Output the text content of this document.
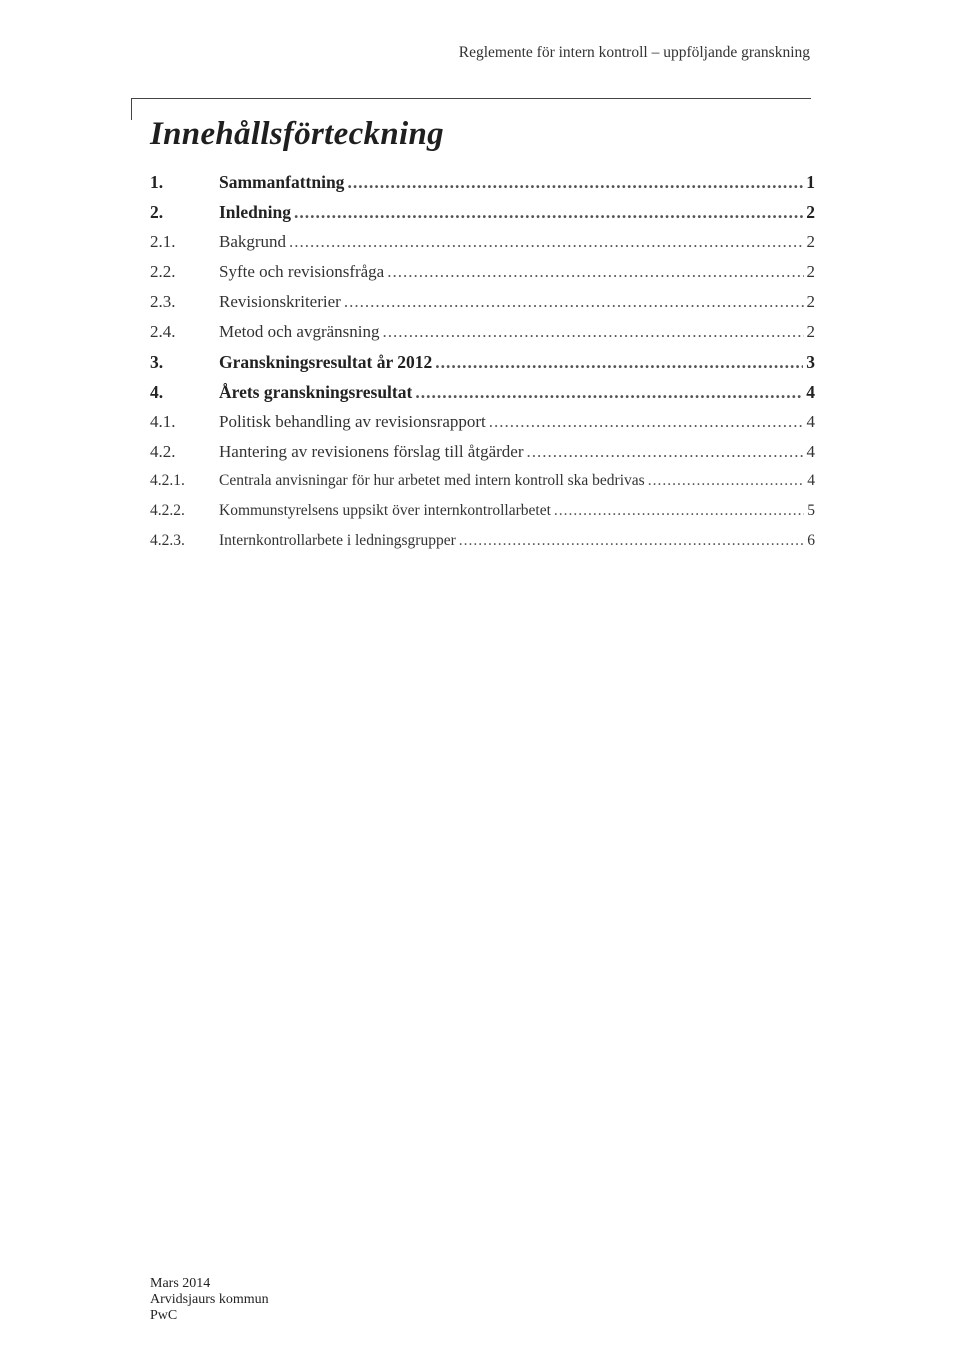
Reglemente för intern kontroll – uppföljande granskning
Innehållsförteckning
1.	Sammanfattning .....	1
2.	Inledning .....	2
2.1.	Bakgrund .....	2
2.2.	Syfte och revisionsfråga .....	2
2.3.	Revisionskriterier .....	2
2.4.	Metod och avgränsning .....	2
3.	Granskningsresultat år 2012 .....	3
4.	Årets granskningsresultat .....	4
4.1.	Politisk behandling av revisionsrapport .....	4
4.2.	Hantering av revisionens förslag till åtgärder .....	4
4.2.1.	Centrala anvisningar för hur arbetet med intern kontroll ska bedrivas .....	4
4.2.2.	Kommunstyrelsens uppsikt över internkontrollarbetet .....	5
4.2.3.	Internkontrollarbete i ledningsgrupper .....	6
Mars 2014
Arvidsjaurs kommun
PwC
